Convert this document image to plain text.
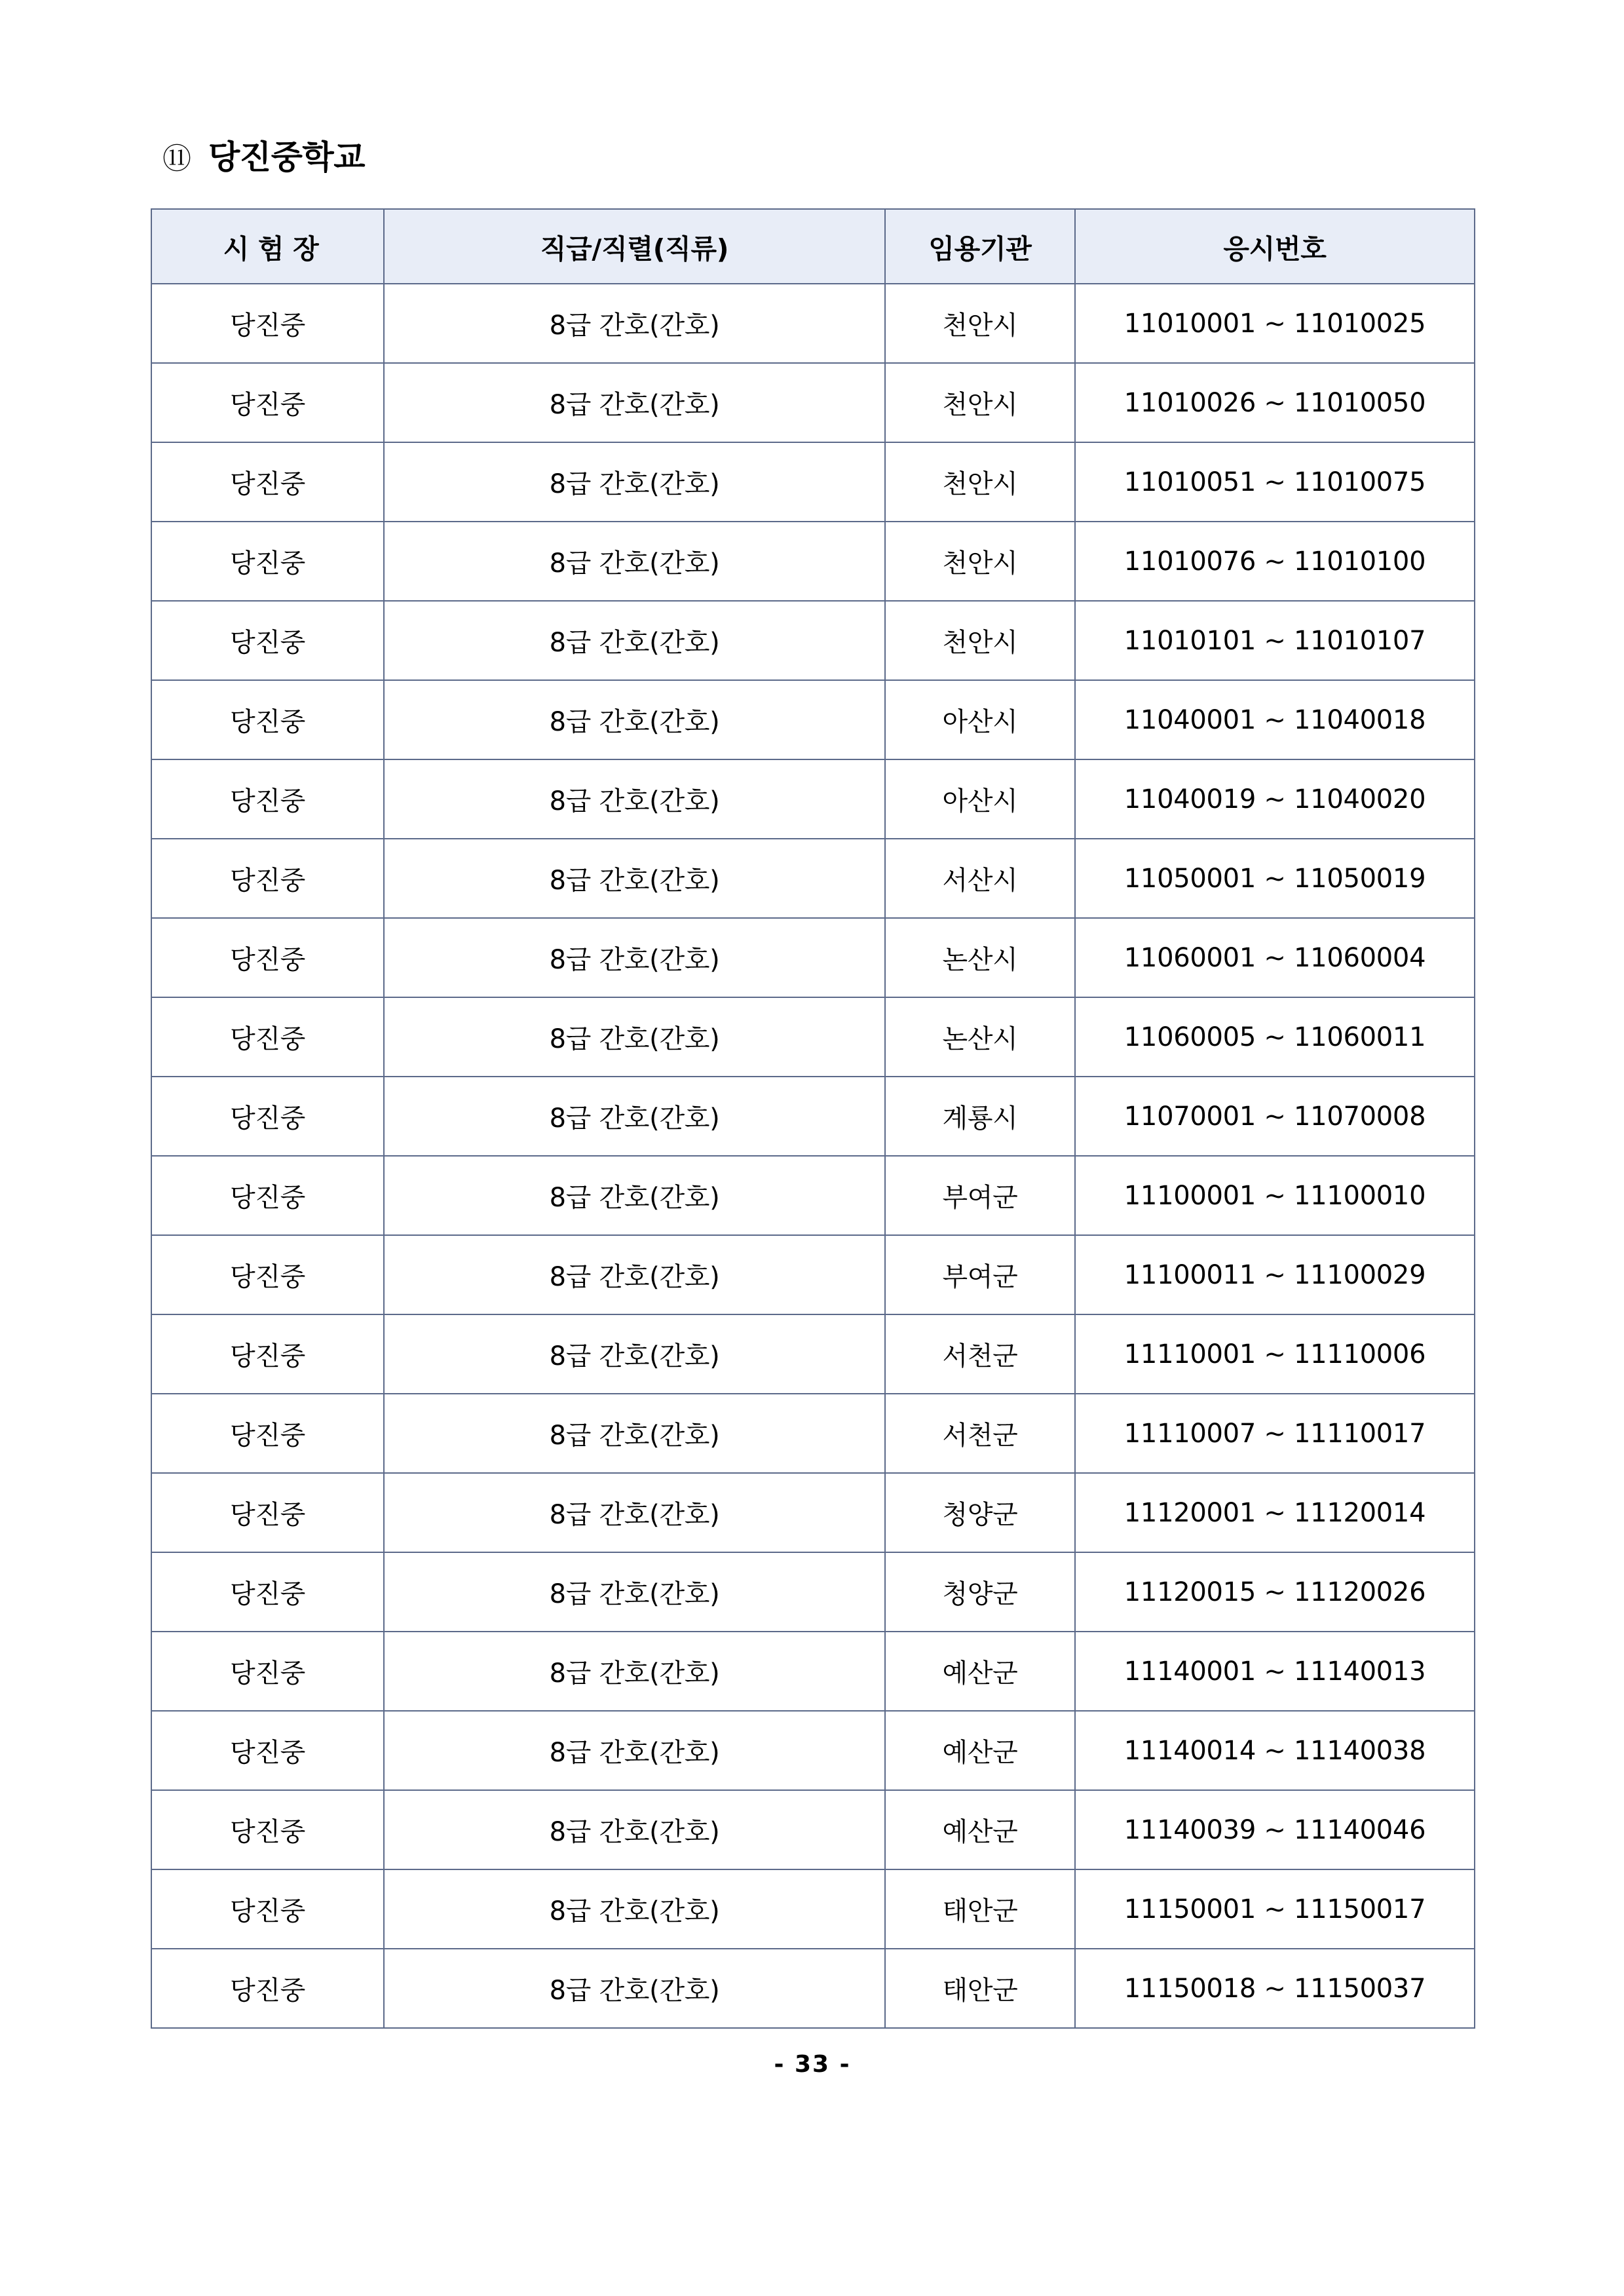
⑪ 당진중학교
시 험 장	직급/직렬(직류)	임용기관	응시번호
당진중	8급 간호(간호)	천안시	11010001 ~ 11010025
당진중	8급 간호(간호)	천안시	11010026 ~ 11010050
당진중	8급 간호(간호)	천안시	11010051 ~ 11010075
당진중	8급 간호(간호)	천안시	11010076 ~ 11010100
당진중	8급 간호(간호)	천안시	11010101 ~ 11010107
당진중	8급 간호(간호)	아산시	11040001 ~ 11040018
당진중	8급 간호(간호)	아산시	11040019 ~ 11040020
당진중	8급 간호(간호)	서산시	11050001 ~ 11050019
당진중	8급 간호(간호)	논산시	11060001 ~ 11060004
당진중	8급 간호(간호)	논산시	11060005 ~ 11060011
당진중	8급 간호(간호)	계룡시	11070001 ~ 11070008
당진중	8급 간호(간호)	부여군	11100001 ~ 11100010
당진중	8급 간호(간호)	부여군	11100011 ~ 11100029
당진중	8급 간호(간호)	서천군	11110001 ~ 11110006
당진중	8급 간호(간호)	서천군	11110007 ~ 11110017
당진중	8급 간호(간호)	청양군	11120001 ~ 11120014
당진중	8급 간호(간호)	청양군	11120015 ~ 11120026
당진중	8급 간호(간호)	예산군	11140001 ~ 11140013
당진중	8급 간호(간호)	예산군	11140014 ~ 11140038
당진중	8급 간호(간호)	예산군	11140039 ~ 11140046
당진중	8급 간호(간호)	태안군	11150001 ~ 11150017
당진중	8급 간호(간호)	태안군	11150018 ~ 11150037
- 33 -
